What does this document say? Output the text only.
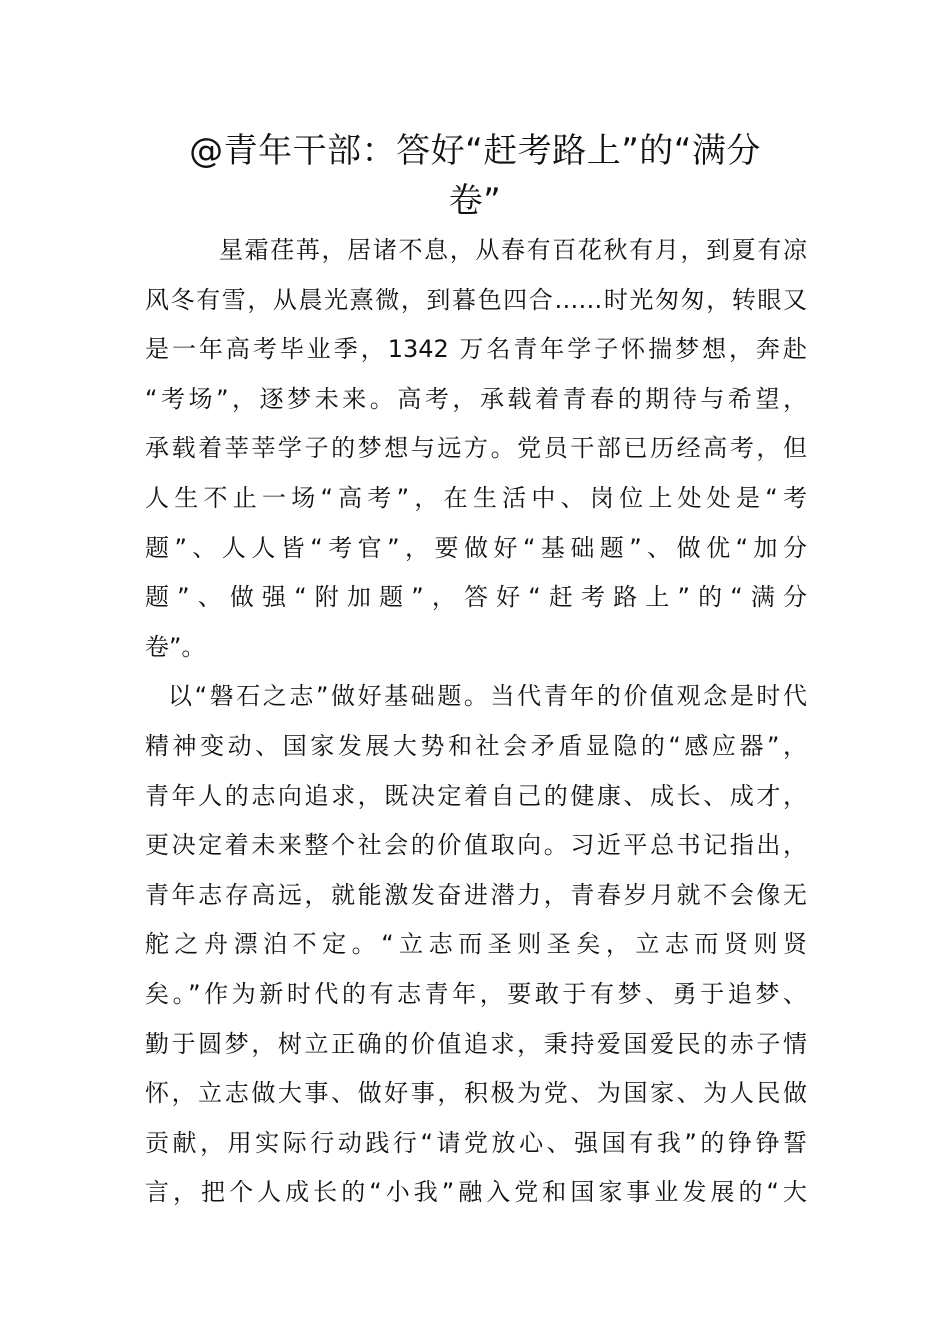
@青年干部：答好“赶考路上”的“满分
卷”
星霜荏苒，居诸不息，从春有百花秋有月，到夏有凉
风冬有雪，从晨光熹微，到暮色四合……时光匆匆，转眼又
是一年高考毕业季，1342 万名青年学子怀揣梦想，奔赴
“考场”，逐梦未来。高考，承载着青春的期待与希望，
承载着莘莘学子的梦想与远方。党员干部已历经高考，但
人生不止一场“高考”，在生活中、岗位上处处是“考
题”、人人皆“考官”，要做好“基础题”、做优“加分
题”、做强“附加题”，答好“赶考路上”的“满分
卷”。
以“磐石之志”做好基础题。当代青年的价值观念是时代
精神变动、国家发展大势和社会矛盾显隐的“感应器”，
青年人的志向追求，既决定着自己的健康、成长、成才，
更决定着未来整个社会的价值取向。习近平总书记指出，
青年志存高远，就能激发奋进潜力，青春岁月就不会像无
舵之舟漂泊不定。“立志而圣则圣矣，立志而贤则贤
矣。”作为新时代的有志青年，要敢于有梦、勇于追梦、
勤于圆梦，树立正确的价值追求，秉持爱国爱民的赤子情
怀，立志做大事、做好事，积极为党、为国家、为人民做
贡献，用实际行动践行“请党放心、强国有我”的铮铮誓
言，把个人成长的“小我”融入党和国家事业发展的“大
